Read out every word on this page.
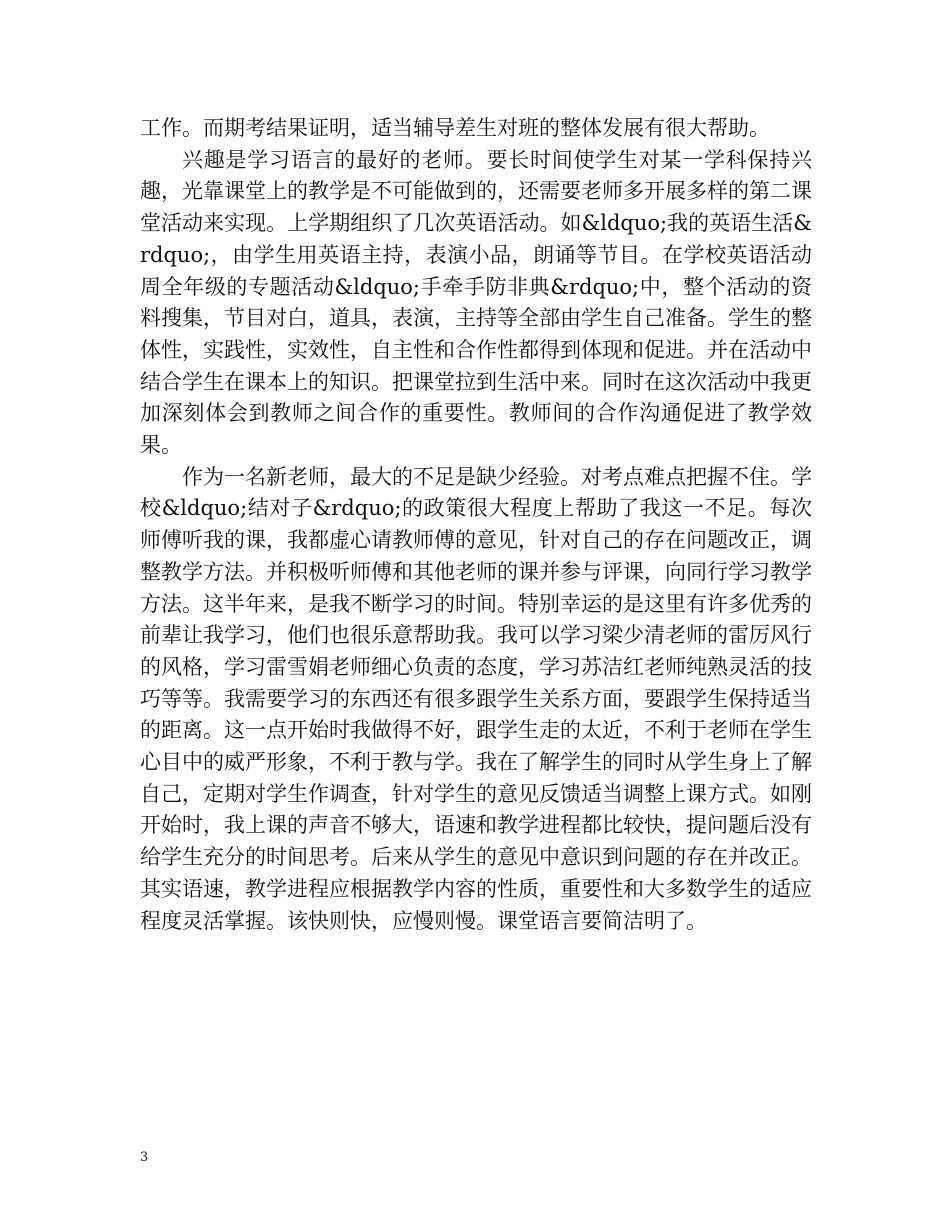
工作。而期考结果证明，适当辅导差生对班的整体发展有很大帮助。

兴趣是学习语言的最好的老师。要长时间使学生对某一学科保持兴趣，光靠课堂上的教学是不可能做到的，还需要老师多开展多样的第二课堂活动来实现。上学期组织了几次英语活动。如&ldquo;我的英语生活&rdquo;，由学生用英语主持，表演小品，朗诵等节目。在学校英语活动周全年级的专题活动&ldquo;手牵手防非典&rdquo;中，整个活动的资料搜集，节目对白，道具，表演，主持等全部由学生自己准备。学生的整体性，实践性，实效性，自主性和合作性都得到体现和促进。并在活动中结合学生在课本上的知识。把课堂拉到生活中来。同时在这次活动中我更加深刻体会到教师之间合作的重要性。教师间的合作沟通促进了教学效果。

作为一名新老师，最大的不足是缺少经验。对考点难点把握不住。学校&ldquo;结对子&rdquo;的政策很大程度上帮助了我这一不足。每次师傅听我的课，我都虚心请教师傅的意见，针对自己的存在问题改正，调整教学方法。并积极听师傅和其他老师的课并参与评课，向同行学习教学方法。这半年来，是我不断学习的时间。特别幸运的是这里有许多优秀的前辈让我学习，他们也很乐意帮助我。我可以学习梁少清老师的雷厉风行的风格，学习雷雪娟老师细心负责的态度，学习苏洁红老师纯熟灵活的技巧等等。我需要学习的东西还有很多跟学生关系方面，要跟学生保持适当的距离。这一点开始时我做得不好，跟学生走的太近，不利于老师在学生心目中的威严形象，不利于教与学。我在了解学生的同时从学生身上了解自己，定期对学生作调查，针对学生的意见反馈适当调整上课方式。如刚开始时，我上课的声音不够大，语速和教学进程都比较快，提问题后没有给学生充分的时间思考。后来从学生的意见中意识到问题的存在并改正。其实语速，教学进程应根据教学内容的性质，重要性和大多数学生的适应程度灵活掌握。该快则快，应慢则慢。课堂语言要简洁明了。

3
